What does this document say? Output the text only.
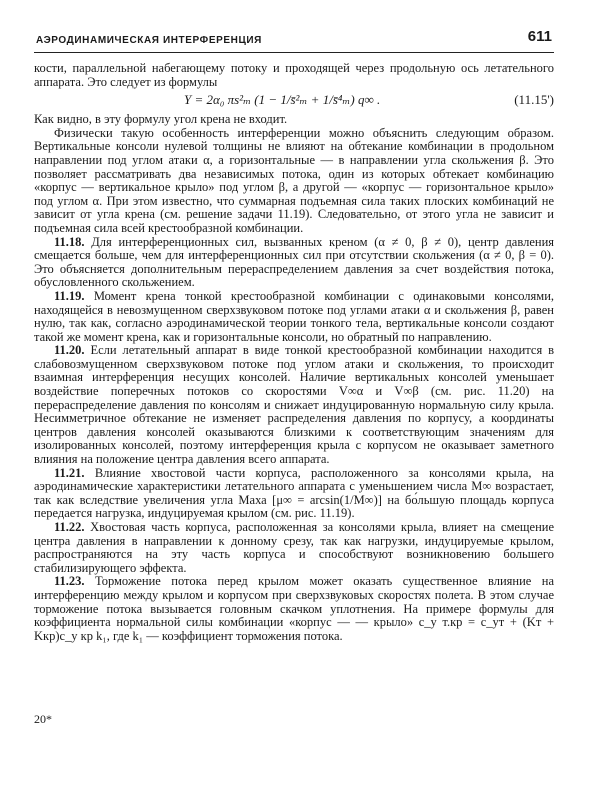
АЭРОДИНАМИЧЕСКАЯ ИНТЕРФЕРЕНЦИЯ	611

кости, параллельной набегающему потоку и проходящей через продольную ось летательного аппарата. Это следует из формулы

Y = 2α₀ πs²ₘ (1 − 1/s̄²ₘ + 1/s̄⁴ₘ) q∞ .	(11.15')

Как видно, в эту формулу угол крена не входит.

Физически такую особенность интерференции можно объяснить следующим образом. Вертикальные консоли нулевой толщины не влияют на обтекание комбинации в продольном направлении под углом атаки α, а горизонтальные — в направлении угла скольжения β. Это позволяет рассматривать два независимых потока, один из которых обтекает комбинацию «корпус — вертикальное крыло» под углом β, а другой — «корпус — горизонтальное крыло» под углом α. При этом известно, что суммарная подъемная сила таких плоских комбинаций не зависит от угла крена (см. решение задачи 11.19). Следовательно, от этого угла не зависит и подъемная сила всей крестообразной комбинации.

11.18. Для интерференционных сил, вызванных креном (α ≠ 0, β ≠ 0), центр давления смещается больше, чем для интерференционных сил при отсутствии скольжения (α ≠ 0, β = 0). Это объясняется дополнительным перераспределением давления за счет воздействия потока, обусловленного скольжением.

11.19. Момент крена тонкой крестообразной комбинации с одинаковыми консолями, находящейся в невозмущенном сверхзвуковом потоке под углами атаки α и скольжения β, равен нулю, так как, согласно аэродинамической теории тонкого тела, вертикальные консоли создают такой же момент крена, как и горизонтальные консоли, но обратный по направлению.

11.20. Если летательный аппарат в виде тонкой крестообразной комбинации находится в слабовозмущенном сверхзвуковом потоке под углом атаки и скольжения, то происходит взаимная интерференция несущих консолей. Наличие вертикальных консолей уменьшает воздействие поперечных потоков со скоростями V∞α и V∞β (см. рис. 11.20) на перераспределение давления по консолям и снижает индуцированную нормальную силу крыла. Несимметричное обтекание не изменяет распределения давления по корпусу, а координаты центров давления консолей оказываются близкими к соответствующим значениям для изолированных консолей, поэтому интерференция крыла с корпусом не оказывает заметного влияния на положение центра давления всего аппарата.

11.21. Влияние хвостовой части корпуса, расположенного за консолями крыла, на аэродинамические характеристики летательного аппарата с уменьшением числа M∞ возрастает, так как вследствие увеличения угла Маха [μ∞ = arcsin(1/M∞)] на бо́льшую площадь корпуса передается нагрузка, индуцируемая крылом (см. рис. 11.19).

11.22. Хвостовая часть корпуса, расположенная за консолями крыла, влияет на смещение центра давления в направлении к донному срезу, так как нагрузки, индуцируемые крылом, распространяются на эту часть корпуса и способствуют возникновению большего стабилизирующего эффекта.

11.23. Торможение потока перед крылом может оказать существенное влияние на интерференцию между крылом и корпусом при сверхзвуковых скоростях полета. В этом случае торможение потока вызывается головным скачком уплотнения. На примере формулы для коэффициента нормальной силы комбинации «корпус — — крыло» c_y т.кр = c_yт + (Kт + Kкр)c_y кр k₁, где k₁ — коэффициент торможения потока.

20*
